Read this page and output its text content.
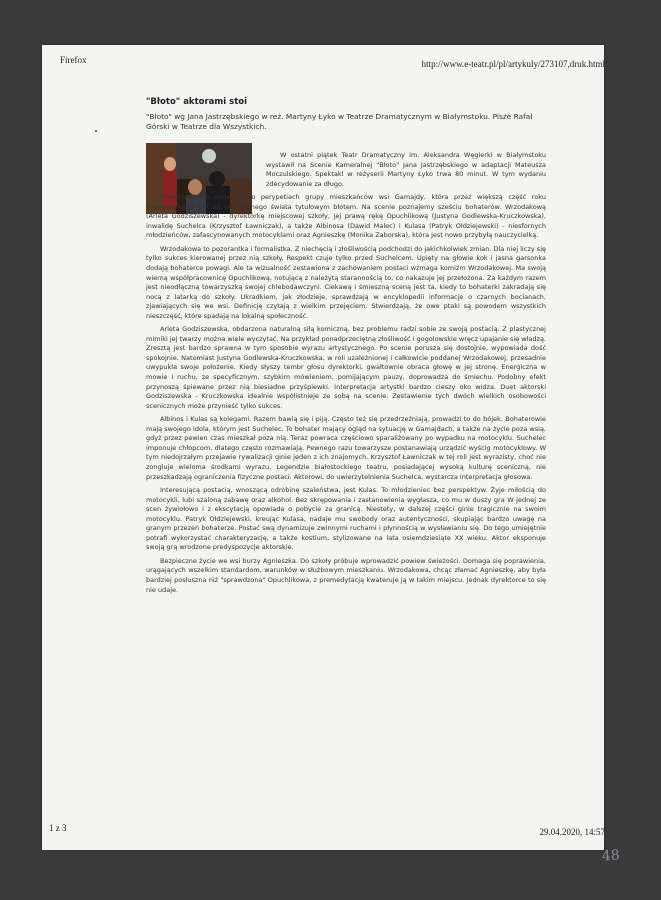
Firefox	http://www.e-teatr.pl/pl/artykuly/273107,druk.html
"Błoto" aktorami stoi
"Błoto" wg Jana Jastrzębskiego w reż. Martyny Łyko w Teatrze Dramatycznym w Białymstoku. Pisze Rafał Górski w Teatrze dla Wszystkich.

W ostatni piątek Teatr Dramatyczny im. Aleksandra Węgierki w Białymstoku wystawił na Scenie Kameralnej "Błoto" Jana Jastrzębskiego w adaptacji Mateusza Moczulskiego. Spektakl w reżyserii Martyny Łyko trwa 80 minut. W tym wydaniu zdecydowanie za długo.

Przedstawienie opowiada o perypetiach grupy mieszkańców wsi Gamajdy, która przez większą część roku odseparowana jest od tak zwanego świata tytułowym błotem. Na scenie poznajemy sześciu bohaterów. Wrzodakową (Arleta Godziszewska) - dyrektorkę miejscowej szkoły, jej prawą rękę Opuchlikową (Justyna Godlewska-Kruczkowska), inwalidę Suchelca (Krzysztof Ławniczak), a także Albinosa (Dawid Malec) i Kulasa (Patryk Ołdziejewski) - niesfornych młodzieńców, zafascynowanych motocyklami oraz Agnieszkę (Monika Zaborska), która jest nowo przybyłą nauczycielką.

Wrzodakowa to pozorantka i formalistka. Z niechęcią i złośliwością podchodzi do jakichkolwiek zmian. Dla niej liczy się tylko sukces kierowanej przez nią szkoły. Respekt czuje tylko przed Suchelcem. Upięty na głowie kok i jasna garsonka dodają bohaterce powagi. Ale ta wizualność zestawiona z zachowaniem postaci wzmaga komizm Wrzodakowej. Ma swoją wierną współpracownicę Opuchlikową, notującą z należytą starannością to, co nakazuje jej przełożona. Za każdym razem jest nieodłączną towarzyszką swojej chlebodawczyni. Ciekawą i śmieszną sceną jest ta, kiedy to bohaterki zakradają się nocą z latarką do szkoły. Ukradkiem, jak złodzieje, sprawdzają w encyklopedii informacje o czarnych bocianach, zjawiających się we wsi. Definicję czytają z wielkim przejęciem. Stwierdzają, że owe ptaki są powodem wszystkich nieszczęść, które spadają na lokalną społeczność.

Arleta Godziszewska, obdarzona naturalną siłą komiczną, bez problemu radzi sobie ze swoją postacią. Z plastycznej mimiki jej twarzy można wiele wyczytać. Na przykład ponadprzeciętną złośliwość i gogolowskie wręcz upajanie się władzą. Zresztą jest bardzo sprawna w tym sposobie wyrazu artystycznego. Po scenie porusza się dostojnie, wypowiada dość spokojnie. Natomiast Justyna Godlewska-Kruczkowska, w roli uzależnionej i całkowicie poddanej Wrzodakowej, przesadnie uwypukla swoje położenie. Kiedy słyszy tembr głosu dyrektorki, gwałtownie obraca głowę w jej stronę. Energiczna w mowie i ruchu, ze specyficznym, szybkim mówieniem, pomijającym pauzy, doprowadza do śmiechu. Podobny efekt przynoszą śpiewane przez nią biesiadne przyśpiewki. Interpretacja artystki bardzo cieszy oko widza. Duet aktorski Godziszewska - Kruczkowska idealnie współistnieje ze sobą na scenie. Zestawienie tych dwóch wielkich osobowości scenicznych może przynieść tylko sukces.

Albinos i Kulas są kolegami. Razem bawią się i piją. Często też się przedrzeźniają, prowadzi to do bójek. Bohaterowie mają swojego idola, którym jest Suchelec. To bohater mający ogląd na sytuację w Gamajdach, a także na życie poza wsią, gdyż przez pewien czas mieszkał poza nią. Teraz powraca częściowo sparaliżowany po wypadku na motocyklu. Suchelec imponuje chłopcom, dlatego często rozmawiają. Pewnego razu towarzysze postanawiają urządzić wyścig motocyklowy. W tym niedojrzałym przejawie rywalizacji ginie jeden z ich znajomych. Krzysztof Ławniczak w tej roli jest wyrazisty, choć nie zongluje wieloma środkami wyrazu. Legendzie białostockiego teatru, posiadającej wysoką kulturę sceniczną, nie przeszkadzają ograniczenia fizyczne postaci. Aktorowi, do uwierzytelnienia Suchelca, wystarcza interpretacja głosowa.

Interesującą postacią, wnoszącą odrobinę szaleństwa, jest Kulas. To młodzieniec bez perspektyw. Żyje miłością do motocykli, lubi szaloną zabawę oraz alkohol. Bez skrępowania i zastanowienia wygłasza, co mu w duszy gra W jednej ze scen żywiołowo i z ekscytacją opowiada o pobycie za granicą. Niestety, w dalszej części ginie tragicznie na swoim motocyklu. Patryk Ołdziejewski, kreując Kulasa, nadaje mu swobody oraz autentyczności, skupiając bardzo uwagę na granym przezeń bohaterze. Postać swą dynamizuje zwinnymi ruchami i płynnością w wysławianiu się. Do tego umiejętnie potrafi wykorzystać charakteryzację, a także kostium, stylizowane na lata osiemdziesiąte XX wieku. Aktor eksponuje swoją grą wrodzone predyspozycje aktorskie.

Bezpieczne życie we wsi burzy Agnieszka. Do szkoły próbuje wprowadzić powiew świeżości. Domaga się poprawienia, urągających wszelkim standardom, warunków w służbowym mieszkaniu. Wrzodakowa, chcąc złamać Agnieszkę, aby była bardziej posłuszna niż "sprawdzona" Opuchlikowa, z premedytacją kwateruje ją w takim miejscu. Jednak dyrektorce to się nie udaje.

1 z 3	29.04.2020, 14:57
48
